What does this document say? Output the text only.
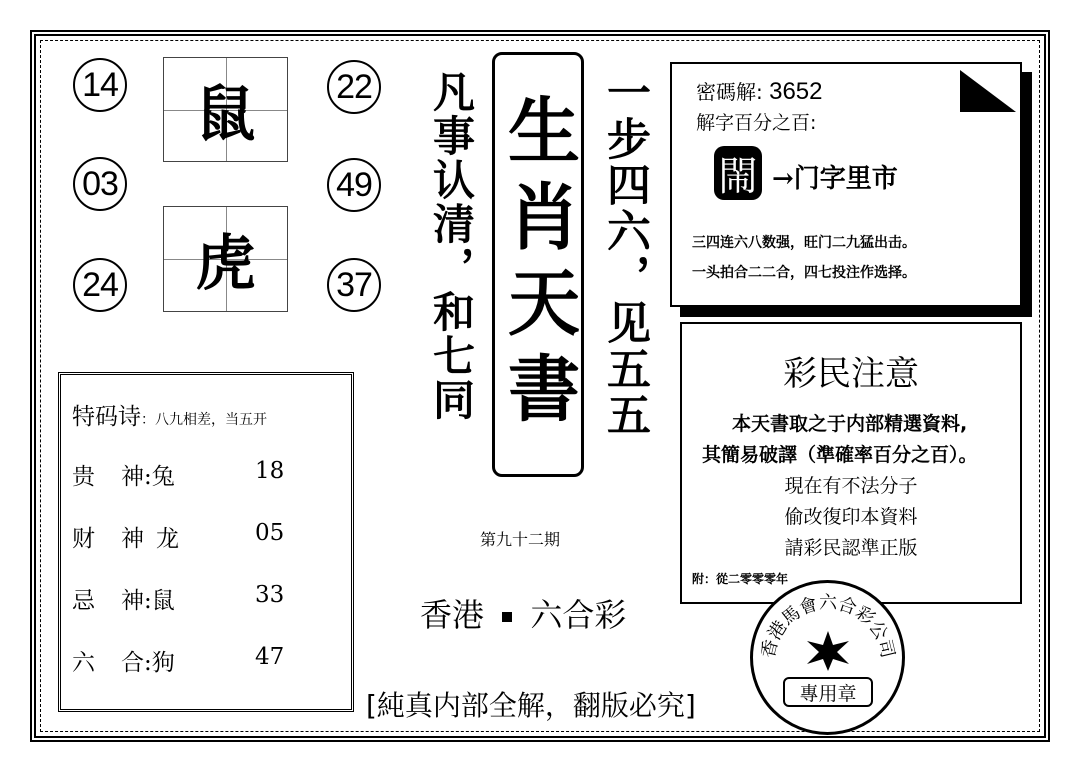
14
03
24
22
49
37
鼠
虎	凡事认清，和七同 生肖天書 一步四六，见五五 密碼解: 3652
解字百分之百:
閙 →门字里市
三四连六八数强，旺门二九猛出击。
一头拍合二二合，四七投注作选择。
彩民注意
本天書取之于内部精選資料,
其簡易破譯（準確率百分之百）。
現在有不法分子
偷改復印本資料
請彩民認準正版
附：從二零零零年
香港馬會六合彩公司
專用章
特码诗：八九相差，当五开
贵 神:兔	18
财 神 龙	05
忌 神:鼠	33
六 合:狗	47
第九十二期
香港 六合彩
[純真内部全解，翻版必究]
